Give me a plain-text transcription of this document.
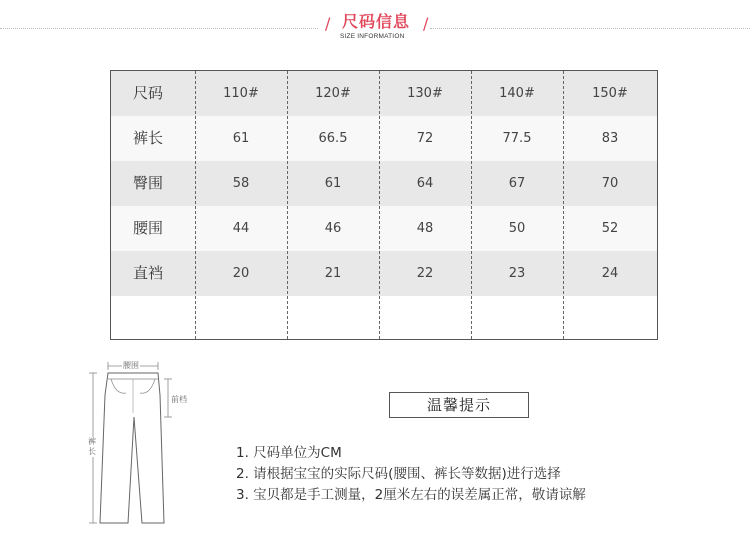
/ 尺码信息 /
SIZE INFORMATION
尺码	110#	120#	130#	140#	150#
裤长	61	66.5	72	77.5	83
臀围	58	61	64	67	70
腰围	44	46	48	50	52
直裆	20	21	22	23	24
腰围
前档
裤长
温馨提示
1. 尺码单位为CM
2. 请根据宝宝的实际尺码(腰围、裤长等数据)进行选择
3. 宝贝都是手工测量，2厘米左右的误差属正常，敬请谅解
